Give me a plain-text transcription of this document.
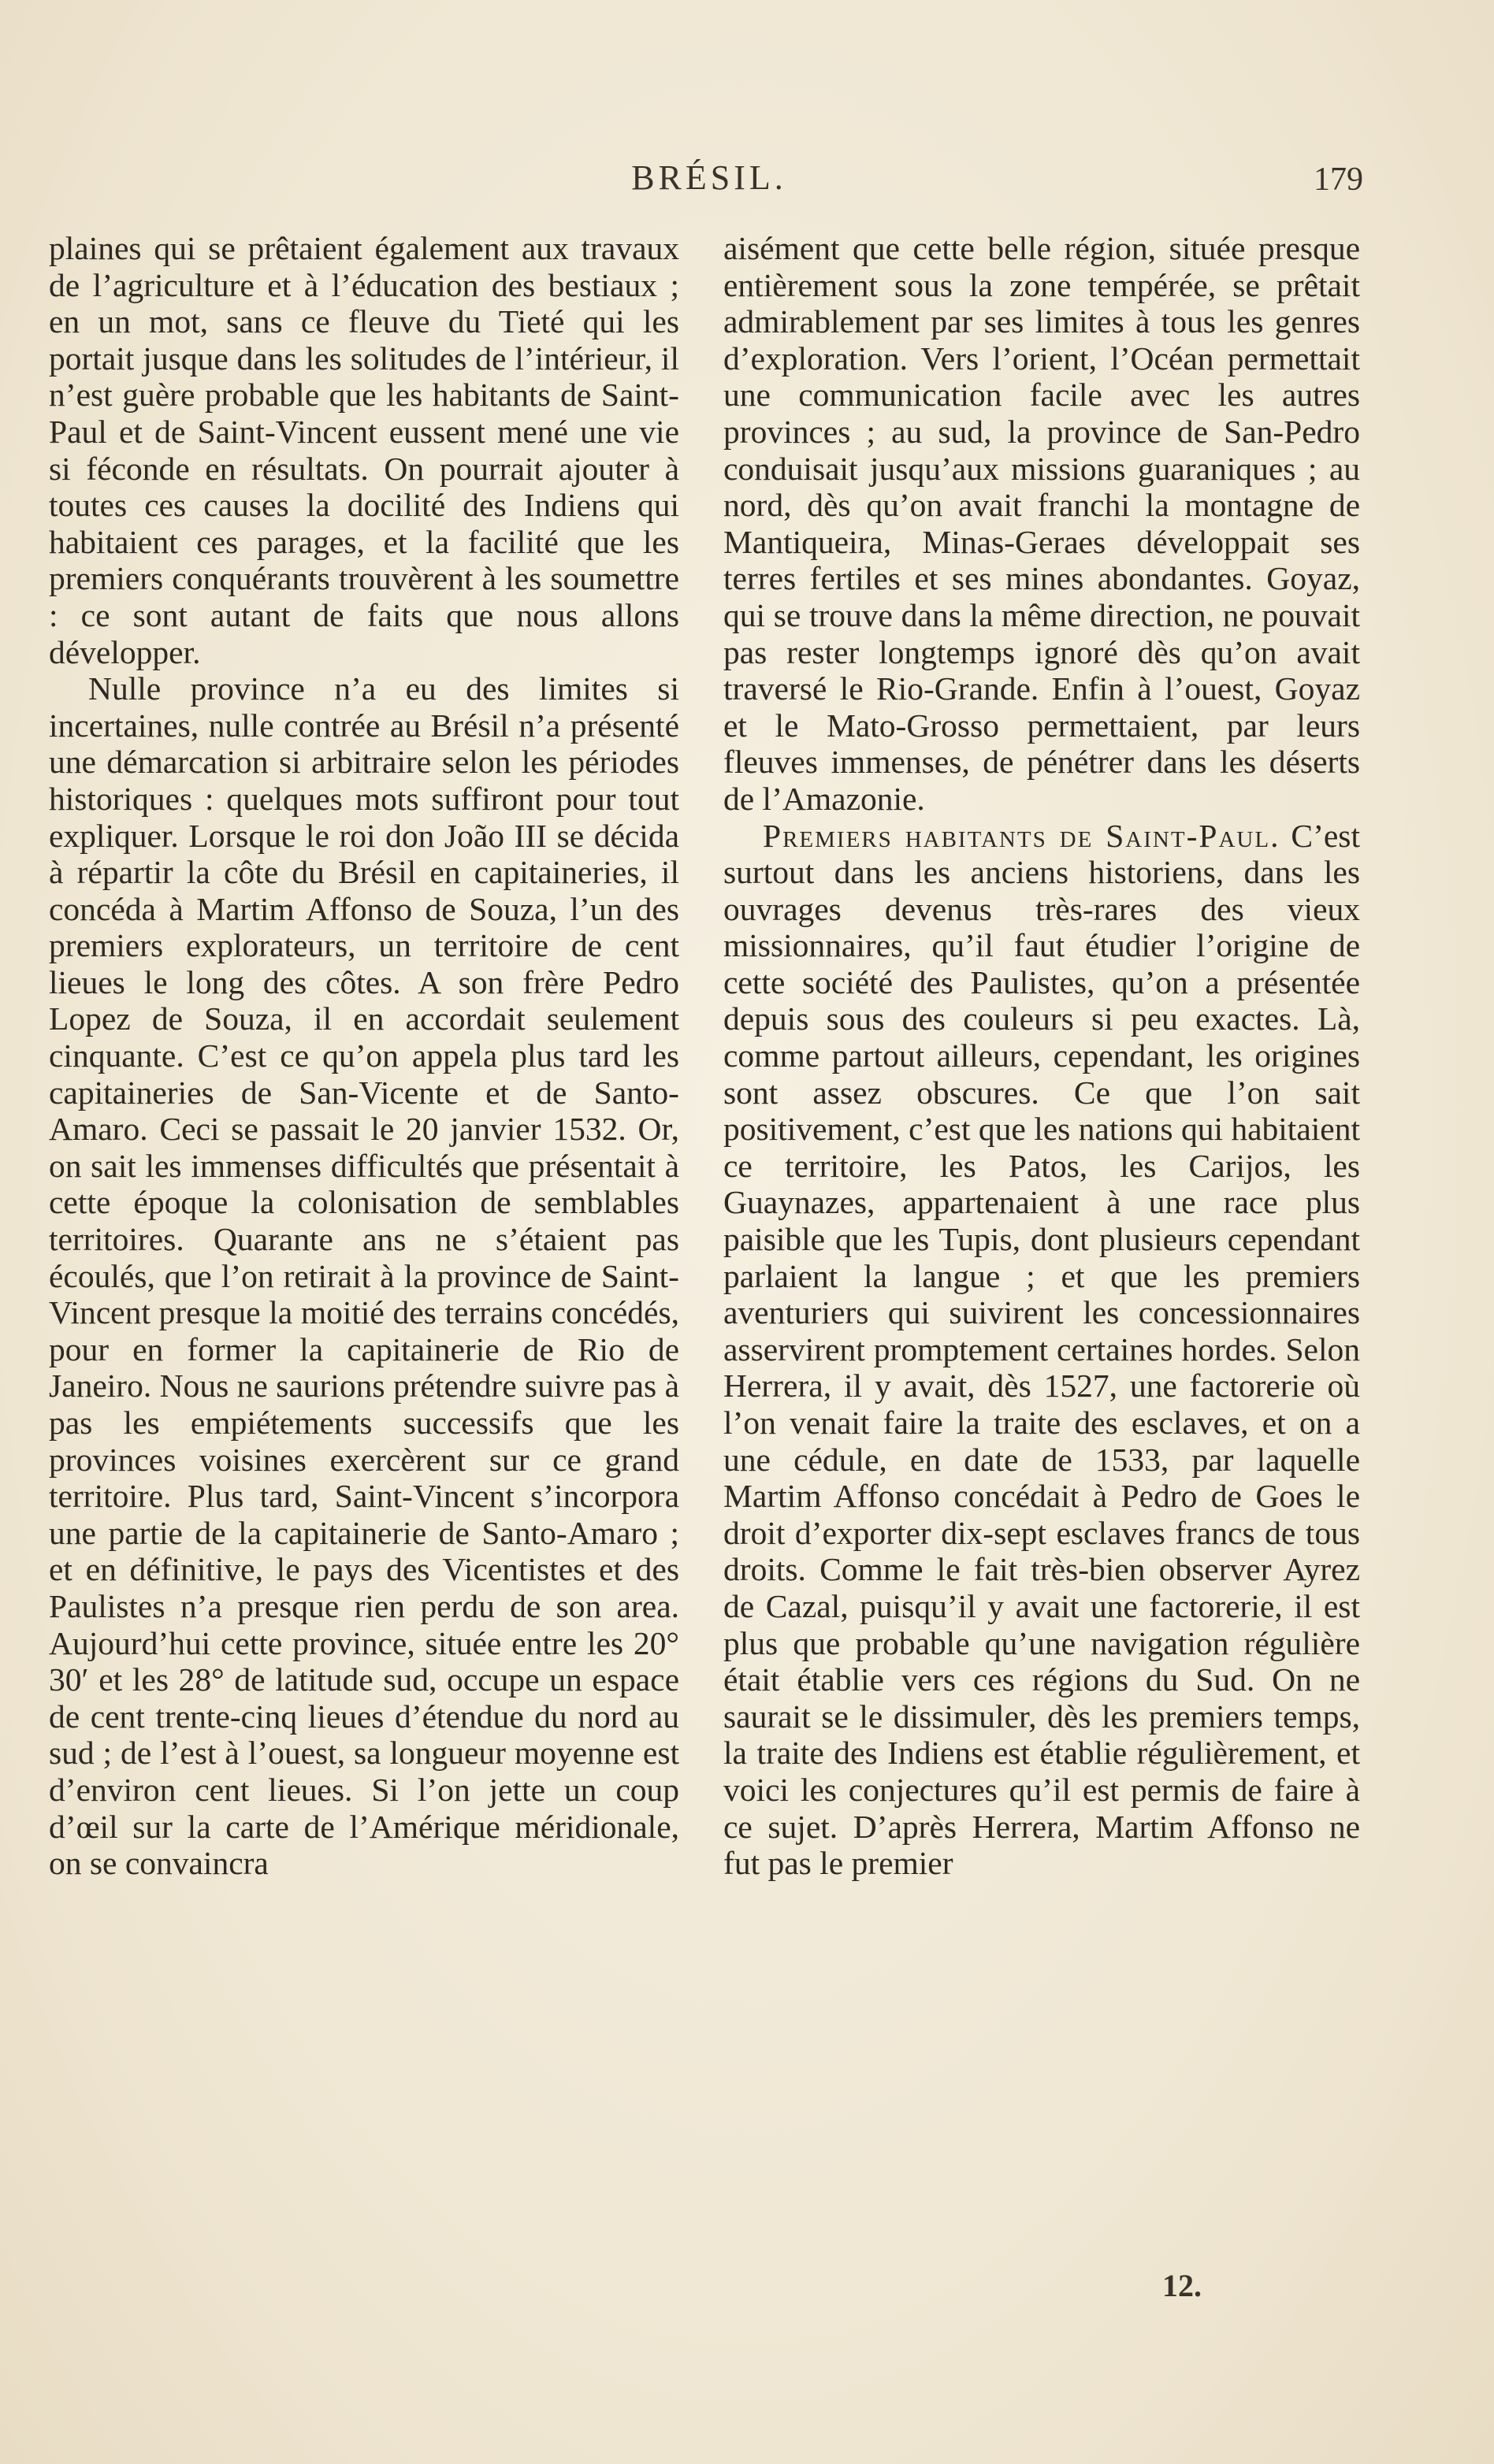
BRÉSIL.	179

plaines qui se prêtaient également aux travaux de l’agriculture et à l’éducation des bestiaux ; en un mot, sans ce fleuve du Tieté qui les portait jusque dans les solitudes de l’intérieur, il n’est guère probable que les habitants de Saint-Paul et de Saint-Vincent eussent mené une vie si féconde en résultats. On pourrait ajouter à toutes ces causes la docilité des Indiens qui habitaient ces parages, et la facilité que les premiers conquérants trouvèrent à les soumettre : ce sont autant de faits que nous allons développer.

Nulle province n’a eu des limites si incertaines, nulle contrée au Brésil n’a présenté une démarcation si arbitraire selon les périodes historiques : quelques mots suffiront pour tout expliquer. Lorsque le roi don João III se décida à répartir la côte du Brésil en capitaineries, il concéda à Martim Affonso de Souza, l’un des premiers explorateurs, un territoire de cent lieues le long des côtes. A son frère Pedro Lopez de Souza, il en accordait seulement cinquante. C’est ce qu’on appela plus tard les capitaineries de San-Vicente et de Santo-Amaro. Ceci se passait le 20 janvier 1532. Or, on sait les immenses difficultés que présentait à cette époque la colonisation de semblables territoires. Quarante ans ne s’étaient pas écoulés, que l’on retirait à la province de Saint-Vincent presque la moitié des terrains concédés, pour en former la capitainerie de Rio de Janeiro. Nous ne saurions prétendre suivre pas à pas les empiétements successifs que les provinces voisines exercèrent sur ce grand territoire. Plus tard, Saint-Vincent s’incorpora une partie de la capitainerie de Santo-Amaro ; et en définitive, le pays des Vicentistes et des Paulistes n’a presque rien perdu de son area. Aujourd’hui cette province, située entre les 20° 30′ et les 28° de latitude sud, occupe un espace de cent trente-cinq lieues d’étendue du nord au sud ; de l’est à l’ouest, sa longueur moyenne est d’environ cent lieues. Si l’on jette un coup d’œil sur la carte de l’Amérique méridionale, on se convaincra

aisément que cette belle région, située presque entièrement sous la zone tempérée, se prêtait admirablement par ses limites à tous les genres d’exploration. Vers l’orient, l’Océan permettait une communication facile avec les autres provinces ; au sud, la province de San-Pedro conduisait jusqu’aux missions guaraniques ; au nord, dès qu’on avait franchi la montagne de Mantiqueira, Minas-Geraes développait ses terres fertiles et ses mines abondantes. Goyaz, qui se trouve dans la même direction, ne pouvait pas rester longtemps ignoré dès qu’on avait traversé le Rio-Grande. Enfin à l’ouest, Goyaz et le Mato-Grosso permettaient, par leurs fleuves immenses, de pénétrer dans les déserts de l’Amazonie.

Premiers habitants de Saint-Paul. C’est surtout dans les anciens historiens, dans les ouvrages devenus très-rares des vieux missionnaires, qu’il faut étudier l’origine de cette société des Paulistes, qu’on a présentée depuis sous des couleurs si peu exactes. Là, comme partout ailleurs, cependant, les origines sont assez obscures. Ce que l’on sait positivement, c’est que les nations qui habitaient ce territoire, les Patos, les Carijos, les Guaynazes, appartenaient à une race plus paisible que les Tupis, dont plusieurs cependant parlaient la langue ; et que les premiers aventuriers qui suivirent les concessionnaires asservirent promptement certaines hordes. Selon Herrera, il y avait, dès 1527, une factorerie où l’on venait faire la traite des esclaves, et on a une cédule, en date de 1533, par laquelle Martim Affonso concédait à Pedro de Goes le droit d’exporter dix-sept esclaves francs de tous droits. Comme le fait très-bien observer Ayrez de Cazal, puisqu’il y avait une factorerie, il est plus que probable qu’une navigation régulière était établie vers ces régions du Sud. On ne saurait se le dissimuler, dès les premiers temps, la traite des Indiens est établie régulièrement, et voici les conjectures qu’il est permis de faire à ce sujet. D’après Herrera, Martim Affonso ne fut pas le premier

12.
